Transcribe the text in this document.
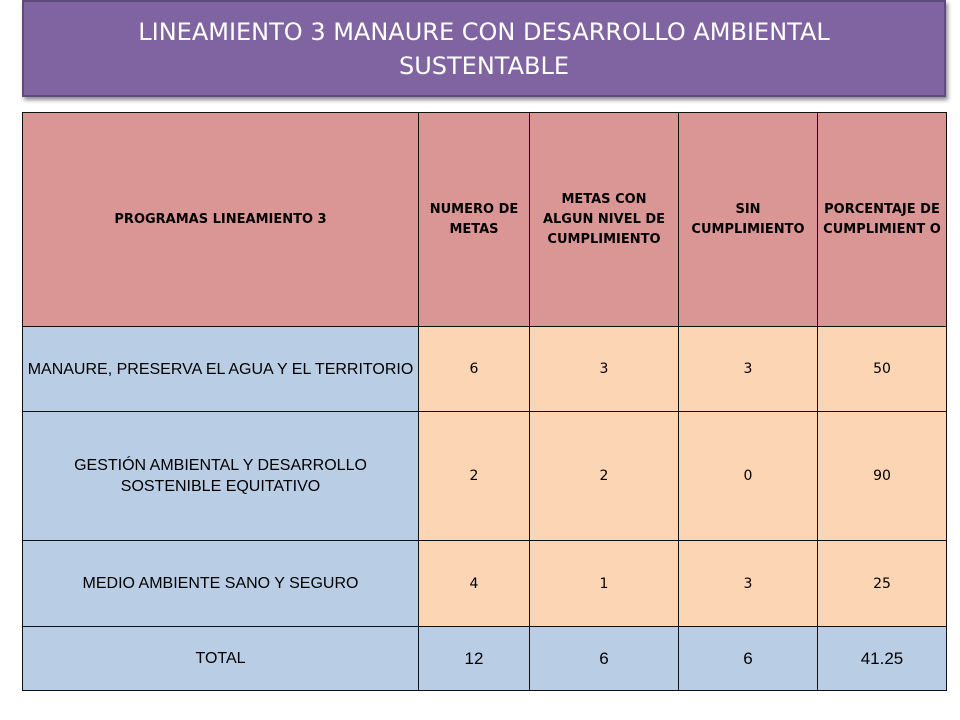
LINEAMIENTO 3 MANAURE CON DESARROLLO AMBIENTAL SUSTENTABLE
PROGRAMAS LINEAMIENTO 3	NUMERO DE METAS	METAS CON ALGUN NIVEL DE CUMPLIMIENTO	SIN CUMPLIMIENTO	PORCENTAJE DE CUMPLIMIENT O
MANAURE, PRESERVA EL AGUA Y EL TERRITORIO	6	3	3	50
GESTIÓN AMBIENTAL Y DESARROLLO SOSTENIBLE EQUITATIVO	2	2	0	90
MEDIO AMBIENTE SANO Y SEGURO	4	1	3	25
TOTAL	12	6	6	41.25
